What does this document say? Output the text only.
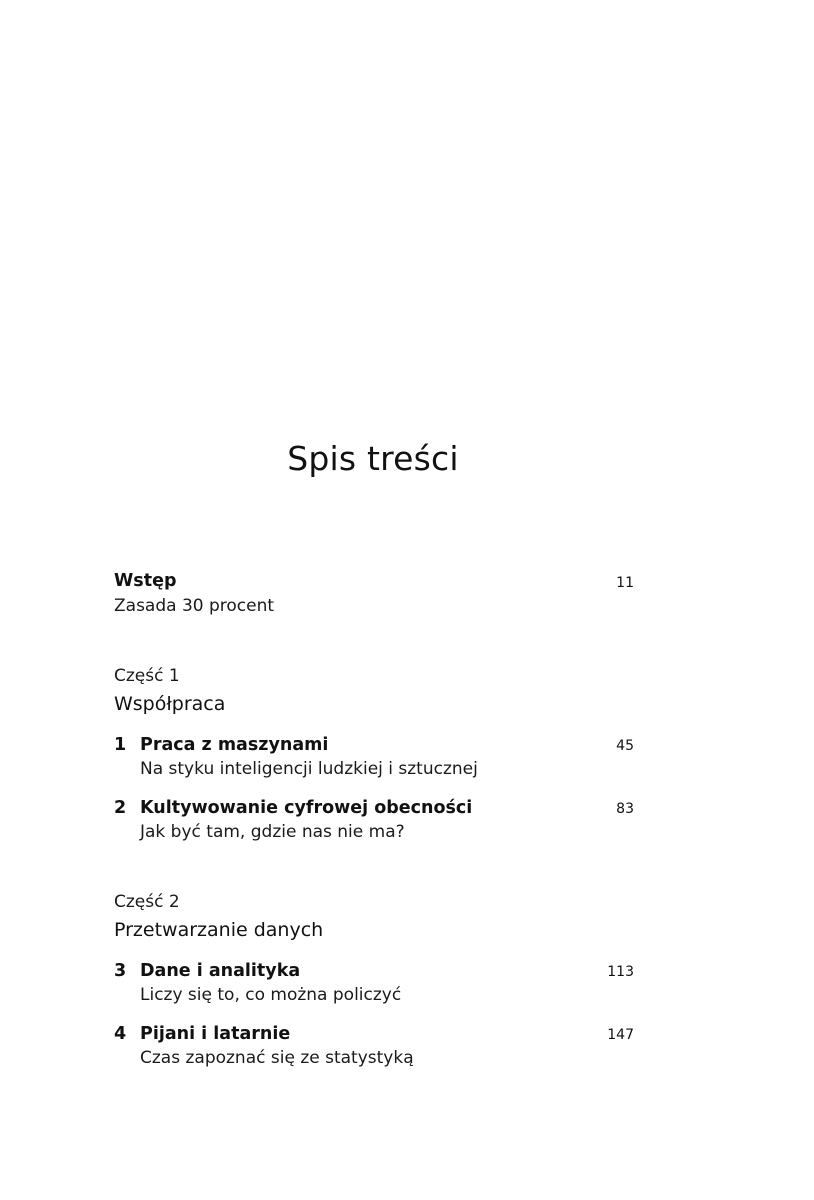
Spis treści
Wstęp
Zasada 30 procent
11
Część 1
Współpraca
1 Praca z maszynami
Na styku inteligencji ludzkiej i sztucznej
45
2 Kultywowanie cyfrowej obecności
Jak być tam, gdzie nas nie ma?
83
Część 2
Przetwarzanie danych
3 Dane i analityka
Liczy się to, co można policzyć
113
4 Pijani i latarnie
Czas zapoznać się ze statystyką
147
